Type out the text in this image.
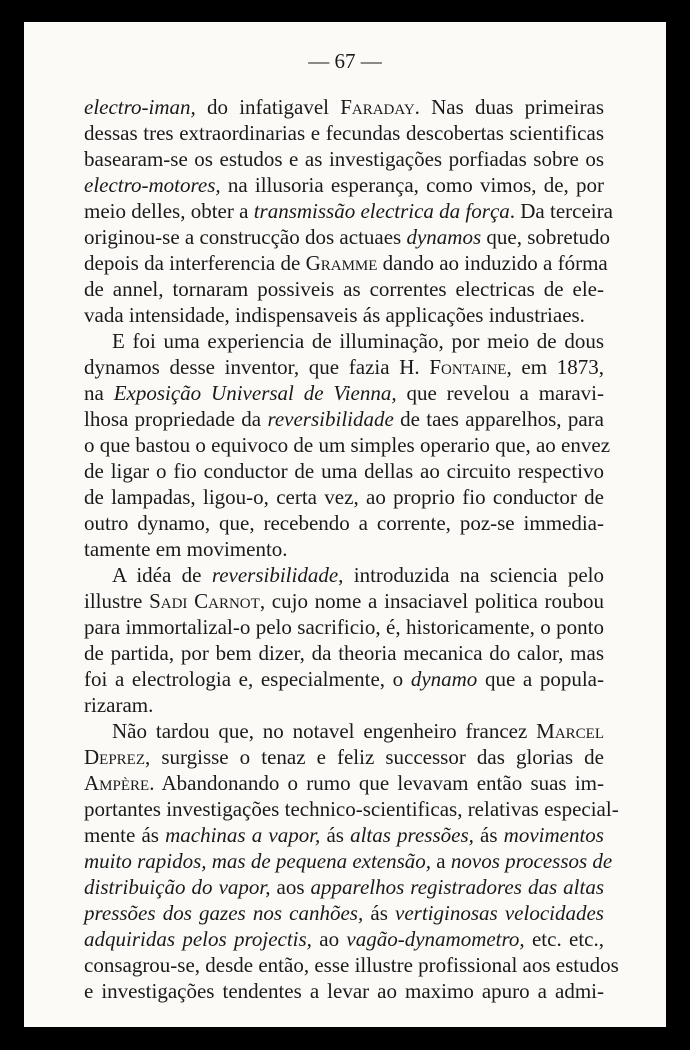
— 67 —
electro-iman, do infatigavel Faraday. Nas duas primeiras
dessas tres extraordinarias e fecundas descobertas scientificas
basearam-se os estudos e as investigações porfiadas sobre os
electro-motores, na illusoria esperança, como vimos, de, por
meio delles, obter a transmissão electrica da força. Da terceira
originou-se a construcção dos actuaes dynamos que, sobretudo
depois da interferencia de Gramme dando ao induzido a fórma
de annel, tornaram possiveis as correntes electricas de ele-
vada intensidade, indispensaveis ás applicações industriaes.
E foi uma experiencia de illuminação, por meio de dous
dynamos desse inventor, que fazia H. Fontaine, em 1873,
na Exposição Universal de Vienna, que revelou a maravi-
lhosa propriedade da reversibilidade de taes apparelhos, para
o que bastou o equivoco de um simples operario que, ao envez
de ligar o fio conductor de uma dellas ao circuito respectivo
de lampadas, ligou-o, certa vez, ao proprio fio conductor de
outro dynamo, que, recebendo a corrente, poz-se immedia-
tamente em movimento.
A idéa de reversibilidade, introduzida na sciencia pelo
illustre Sadi Carnot, cujo nome a insaciavel politica roubou
para immortalizal-o pelo sacrificio, é, historicamente, o ponto
de partida, por bem dizer, da theoria mecanica do calor, mas
foi a electrologia e, especialmente, o dynamo que a popula-
rizaram.
Não tardou que, no notavel engenheiro francez Marcel
Deprez, surgisse o tenaz e feliz successor das glorias de
Ampère. Abandonando o rumo que levavam então suas im-
portantes investigações technico-scientificas, relativas especial-
mente ás machinas a vapor, ás altas pressões, ás movimentos
muito rapidos, mas de pequena extensão, a novos processos de
distribuição do vapor, aos apparelhos registradores das altas
pressões dos gazes nos canhões, ás vertiginosas velocidades
adquiridas pelos projectis, ao vagão-dynamometro, etc. etc.,
consagrou-se, desde então, esse illustre profissional aos estudos
e investigações tendentes a levar ao maximo apuro a admi-
